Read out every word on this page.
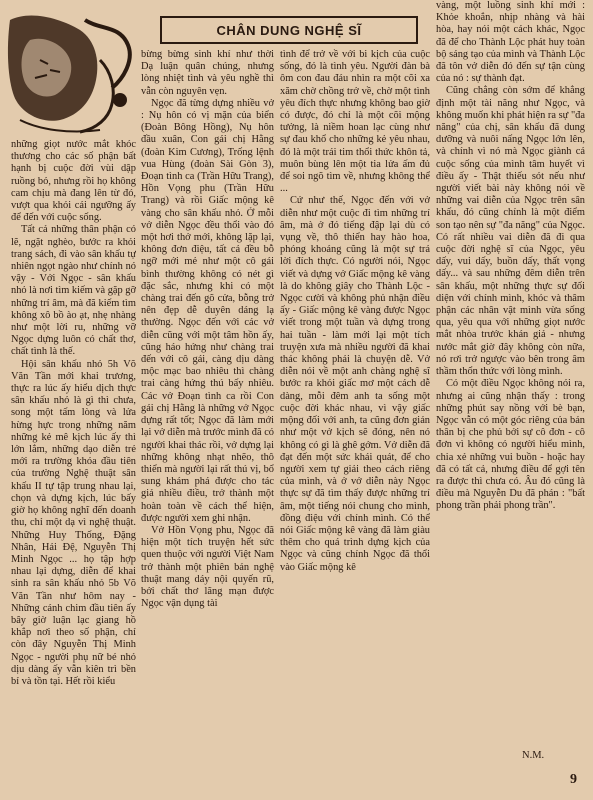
CHÂN DUNG NGHỆ SĨ

những giọt nước mắt khóc thương cho các số phận bất hạnh bị cuộc đời vùi dập ruồng bỏ, nhưng rồi họ không cam chịu mà đang lên từ đó, vượt qua khỏi cái ngưỡng ấy để đến với cuộc sống.

Tất cả những thân phận có lẽ, ngặt nghèo, bước ra khỏi trang sách, đi vào sân khấu tự nhiên ngọt ngào như chính nó vậy - Với Ngọc - sân khấu nhỏ là nơi tìm kiếm và gặp gỡ những trí âm, mà đã kiếm tìm không xô bồ ào ạt, nhẹ nhàng như một lời ru, những vỡ Ngọc dựng luôn có chất thơ, chất tình là thế.

Hội sân khấu nhỏ 5h Võ Văn Tần mới khai trương, thực ra lúc ấy hiểu dịch thực sân khấu nhỏ là gì thì chưa, song một tấm lòng và lửa hừng hực trong những năm những kẻ mê kịch lúc ấy thì lớn lắm, những dạo diễn trẻ mới ra trường khóa đầu tiên của trường Nghệ thuật sân khấu II tự tập trung nhau lại, chọn và dựng kịch, lúc bấy giờ họ không nghĩ đến doanh thu, chỉ một dạ vì nghệ thuật. Những Huy Thống, Đặng Nhân, Hải Đệ, Nguyễn Thị Minh Ngọc ... họ tập hợp nhau lại dựng, diễn để khai sinh ra sân khấu nhỏ 5b Võ Văn Tần như hôm nay - Những cánh chim đầu tiên ấy bây giờ luận lạc giang hồ khắp nơi theo số phận, chỉ còn đây Nguyễn Thị Minh Ngọc - người phụ nữ bé nhỏ dịu dàng ấy vẫn kiên trì bền bỉ và tồn tại. Hết rồi kiểu

bừng bừng sinh khí như thời Dạ luận quân chúng, nhưng lòng nhiệt tình và yêu nghề thì vẫn còn nguyên vẹn.

Ngọc đã từng dựng nhiều vở : Nụ hôn có vị mặn của biển (Đoàn Bông Hồng), Nụ hôn đầu xuân, Con gái chị Hằng (đoàn Kim Cương), Trống lệnh vua Hùng (đoàn Sài Gòn 3), Đoạn tình ca (Trần Hữu Trang), Hồn Vọng phu (Trần Hữu Trang) và rồi Giấc mộng kê vàng cho sân khấu nhỏ. Ở mỗi vở diễn Ngọc đều thổi vào đó một hơi thở mới, không lặp lại, không đơn điệu, tất cả đều bỗ ngỡ mới mẻ như một cô gái bình thường không có nét gì đặc sắc, nhưng khi có một chàng trai đến gõ cửa, bỗng trở nên đẹp dễ duyên dáng lạ thường. Ngọc đến với các vở diễn cũng với một tâm hồn ấy, cũng háo hứng như chàng trai đến với cô gái, càng dịu dàng mộc mạc bao nhiêu thì chàng trai càng hứng thú bấy nhiêu. Các vở Đoạn tình ca rồi Con gái chị Hằng là những vở Ngọc dựng rất tốt; Ngọc đã làm mới lại vở diễn mà trước mình đã có người khai thác rồi, vở dựng lại những không nhạt nhẽo, thô thiển mà người lại rất thú vị, bổ sung khám phá được cho tác giả nhiều điều, trở thành một hoàn toàn về cách thể hiện, được người xem ghi nhận.

Vở Hồn Vọng phu, Ngọc đã hiện một tích truyện hết sức quen thuộc với người Việt Nam trở thành một phiên bản nghệ thuật mang dáy nội quyến rũ, bởi chất thơ lãng mạn được Ngọc vận dụng tài

tình để trở về với bi kịch của cuộc sống, đó là tình yêu. Người đàn bà ôm con đau đáu nhìn ra một cõi xa xăm chờ chồng trở về, chờ một tình yêu đích thực nhưng không bao giờ có được, đó chỉ là một cõi mộng tưởng, là niềm hoan lạc cùng như sự đau khổ cho những kẻ yêu nhau, đó là một trái tim thổi thức khôn tả, muôn bùng lên một tia lửa ấm đủ để soi ngõ tìm về, nhưng không thể ...

Cứ như thế, Ngọc đến với vở diễn như một cuộc đi tìm những trí âm, mà ở đó tiếng đập lại dù có vụng về, thô thiển hay hào hoa, phóng khoáng cũng là một sự trả lời đích thực. Có người nói, Ngọc viết và dựng vở Giấc mộng kê vàng là do không giây cho Thành Lộc - Ngọc cười và không phủ nhận điều ấy - Giấc mộng kê vàng được Ngọc viết trong một tuần và dựng trong hai tuần - làm mới lại một tích truyện xưa mà nhiều người đã khai thác không phải là chuyện dễ. Vở diễn nói về một anh chàng nghệ sĩ bước ra khỏi giấc mơ một cách dễ dàng, mỗi đêm anh ta sống một cuộc đời khác nhau, vì vậy giấc mộng đối với anh, ta cũng đơn giản như một vở kịch sẽ đóng, nên nó không có gì là ghê gớm. Vở diễn đã đạt đến một sức khái quát, để cho người xem tự giải theo cách riêng của mình, và ở vở diễn này Ngọc thực sự đã tìm thấy được những trí âm, một tiếng nói chung cho mình, đồng điệu với chính mình. Có thể nói Giấc mộng kê vàng đã làm giàu thêm cho quá trình dựng kịch của Ngọc và cũng chính Ngọc đã thổi vào Giấc mộng kê

vàng, một luồng sinh khí mới : Khỏe khoắn, nhịp nhàng và hài hòa, hay nói một cách khác, Ngọc đã để cho Thành Lộc phát huy toàn bộ sáng tạo của mình và Thành Lộc đã tôn vở diễn đó đến sự tận cùng của nó : sự thành đạt.

Cũng chẳng còn sớm để khẳng định một tài năng như Ngọc, và không muốn khi phát hiện ra sự "đa năng" của chị, sân khấu đã dung dưỡng và nuôi nấng Ngọc lớn lên, và chính vì nó mà Ngọc giành cả cuộc sống của mình tâm huyết vì điều ấy - Thật thiếu sót nếu như người viết bài này không nói về những vai diễn của Ngọc trên sân khấu, đó cũng chính là một điểm son tạo nên sự "đa năng" của Ngọc. Có rất nhiều vai diễn đã đi qua cuộc đời nghệ sĩ của Ngọc, yêu dấy, vui dấy, buồn dấy, thất vọng dấy... và sau những đêm diễn trên sân khấu, một những thực sự đối diện với chính mình, khóc và thâm phận các nhân vật mình vừa sống qua, yêu qua với những giọt nước mắt nhòa trước khán giả - nhưng nước mắt giờ đây không còn nữa, nó rơi trở ngược vào bên trong âm thầm thổn thức với lòng mình.

Có một điều Ngọc không nói ra, nhưng ai cũng nhận thấy : trong những phút say nồng với bè bạn, Ngọc vẫn có một góc riêng của bản thân bị che phủ bởi sự cô đơn - cô đơn vì không có người hiểu mình, chia xẻ những vui buồn - hoặc hay đã có tất cả, nhưng điều để gợi tên ra được thì chưa có. Âu đó cũng là điều mà Nguyễn Du đã phán : "bất phong trần phải phong trần".

N.M.
9
